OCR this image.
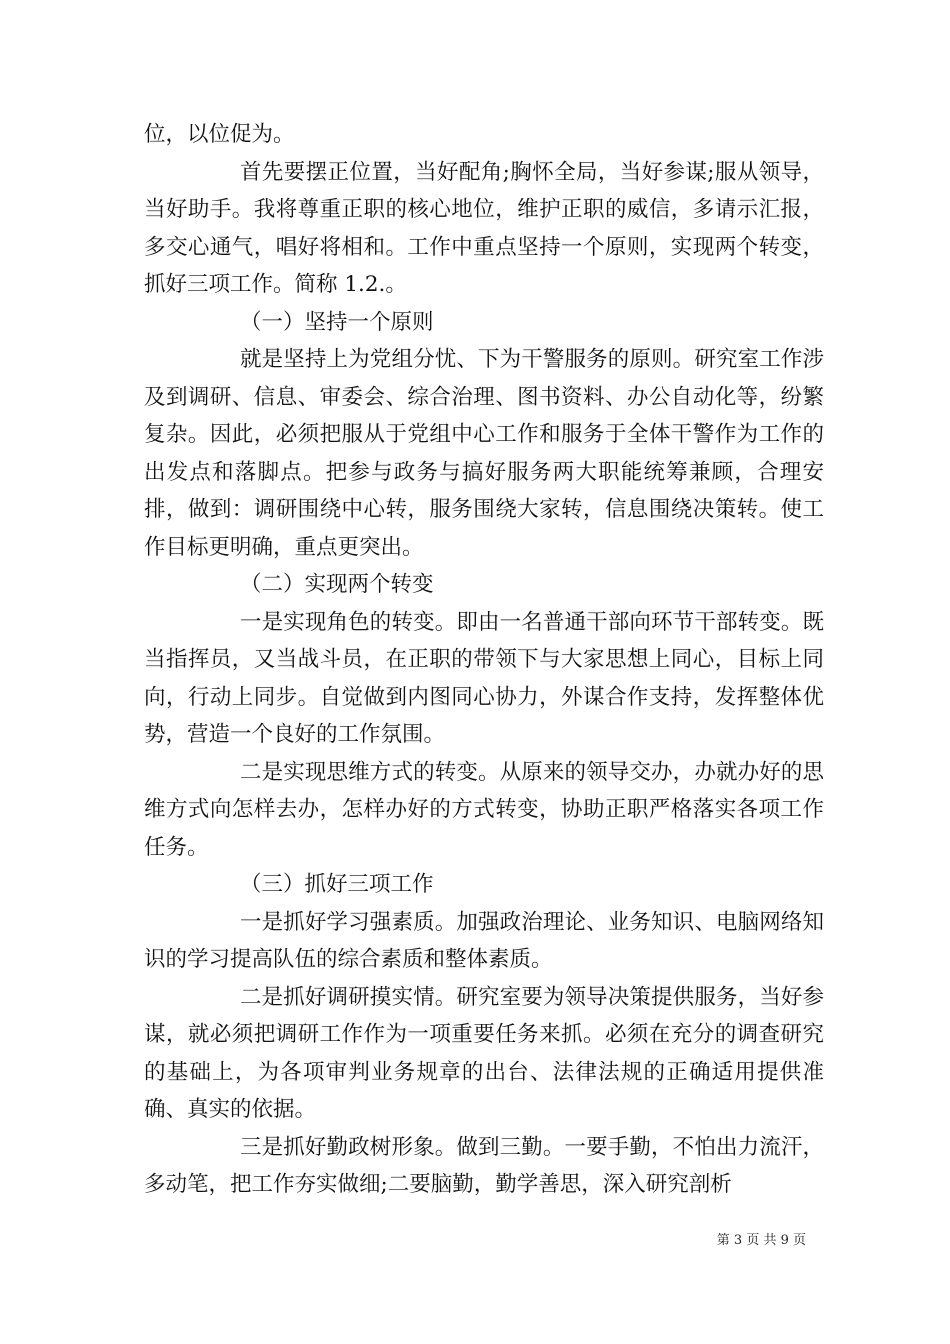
位，以位促为。

首先要摆正位置，当好配角;胸怀全局，当好参谋;服从领导，当好助手。我将尊重正职的核心地位，维护正职的威信，多请示汇报，多交心通气，唱好将相和。工作中重点坚持一个原则，实现两个转变，抓好三项工作。简称 1.2.。

（一）坚持一个原则

就是坚持上为党组分忧、下为干警服务的原则。研究室工作涉及到调研、信息、审委会、综合治理、图书资料、办公自动化等，纷繁复杂。因此，必须把服从于党组中心工作和服务于全体干警作为工作的出发点和落脚点。把参与政务与搞好服务两大职能统筹兼顾，合理安排，做到：调研围绕中心转，服务围绕大家转，信息围绕决策转。使工作目标更明确，重点更突出。

（二）实现两个转变

一是实现角色的转变。即由一名普通干部向环节干部转变。既当指挥员，又当战斗员，在正职的带领下与大家思想上同心，目标上同向，行动上同步。自觉做到内图同心协力，外谋合作支持，发挥整体优势，营造一个良好的工作氛围。

二是实现思维方式的转变。从原来的领导交办，办就办好的思维方式向怎样去办，怎样办好的方式转变，协助正职严格落实各项工作任务。

（三）抓好三项工作

一是抓好学习强素质。加强政治理论、业务知识、电脑网络知识的学习提高队伍的综合素质和整体素质。

二是抓好调研摸实情。研究室要为领导决策提供服务，当好参谋，就必须把调研工作作为一项重要任务来抓。必须在充分的调查研究的基础上，为各项审判业务规章的出台、法律法规的正确适用提供准确、真实的依据。

三是抓好勤政树形象。做到三勤。一要手勤，不怕出力流汗，多动笔，把工作夯实做细;二要脑勤，勤学善思，深入研究剖析

第 3 页 共 9 页
